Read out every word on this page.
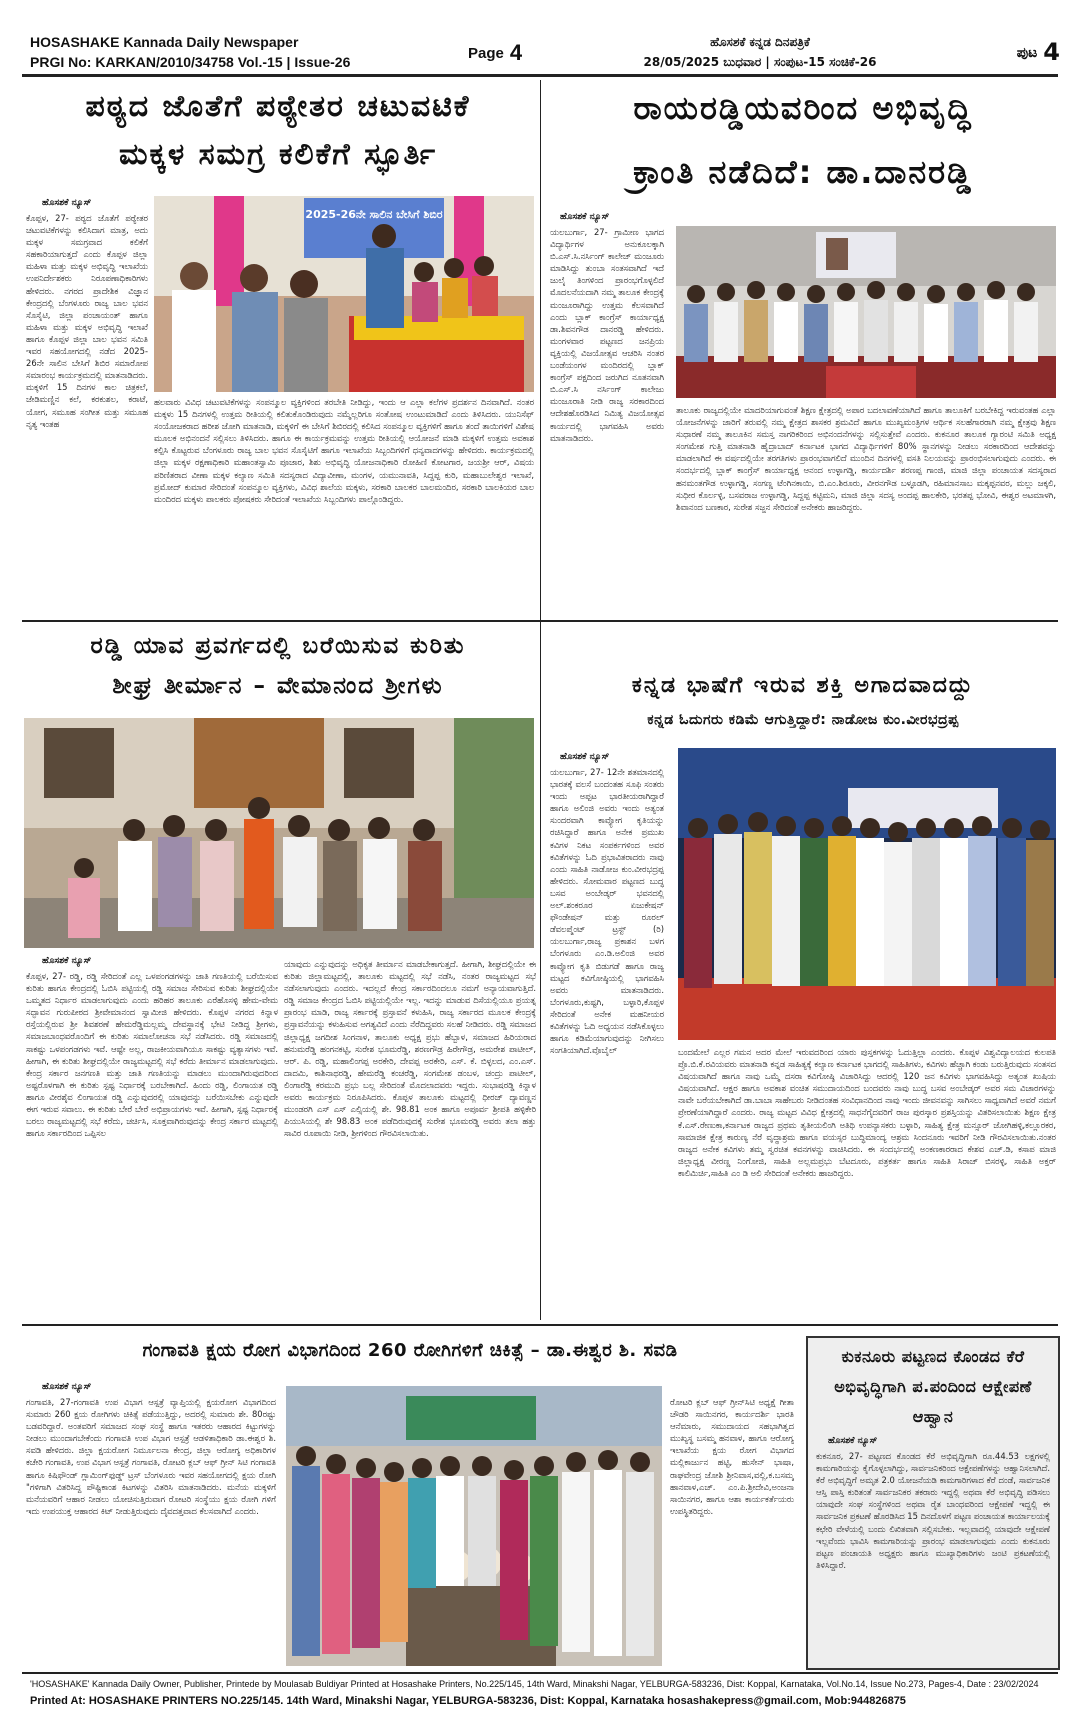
HOSASHAKE Kannada Daily Newspaper
PRGI No: KARKAN/2010/34758 Vol.-15 | Issue-26	Page 4	ಹೊಸಶಕೆ ಕನ್ನಡ ದಿನಪತ್ರಿಕೆ
28/05/2025 ಬುಧವಾರ | ಸಂಪುಟ-15 ಸಂಚಿಕೆ-26
ಪುಟ 4
ಪಠ್ಯದ ಜೊತೆಗೆ ಪಠ್ಯೇತರ ಚಟುವಟಿಕೆ
ಮಕ್ಕಳ ಸಮಗ್ರ ಕಲಿಕೆಗೆ ಸ್ಫೂರ್ತಿ
ಹೊಸಶಕೆ ನ್ಯೂಸ್
ಕೊಪ್ಪಳ, 27- ಪಠ್ಯದ ಜೊತೆಗೆ ಪಠ್ಯೇತರ ಚಟುವಟಿಕೆಗಳನ್ನು ಕಲಿಸಿದಾಗ ಮಾತ್ರ, ಅದು ಮಕ್ಕಳ ಸಮಗ್ರವಾದ ಕಲಿಕೆಗೆ ಸಹಕಾರಿಯಾಗುತ್ತದೆ ಎಂದು ಕೊಪ್ಪಳ ಜಿಲ್ಲಾ ಮಹಿಳಾ ಮತ್ತು ಮಕ್ಕಳ ಅಭಿವೃದ್ಧಿ ಇಲಾಖೆಯ ಉಪನಿರ್ದೇಶಕರು ನಿರೂಪಣಾಧಿಕಾರಿಗಳು ಹೇಳಿದರು. ನಗರದ ಪ್ರಾದೇಶಿಕ ವಿಜ್ಞಾನ ಕೇಂದ್ರದಲ್ಲಿ ಬೆಂಗಳೂರು ರಾಜ್ಯ ಬಾಲ ಭವನ ಸೊಸೈಟಿ, ಜಿಲ್ಲಾ ಪಂಚಾಯಂತ್ ಹಾಗೂ ಮಹಿಳಾ ಮತ್ತು ಮಕ್ಕಳ ಅಭಿವೃದ್ಧಿ ಇಲಾಖೆ ಹಾಗೂ ಕೊಪ್ಪಳ ಜಿಲ್ಲಾ ಬಾಲ ಭವನ ಸಮಿತಿ ಇವರ ಸಹಯೋಗದಲ್ಲಿ ನಡೆದ 2025-26ನೇ ಸಾಲಿನ ಬೇಸಿಗೆ ಶಿಬಿರ ಸಮಾರೋಪ ಸಮಾರಂಭ ಕಾರ್ಯಕ್ರಮದಲ್ಲಿ ಮಾತನಾಡಿದರು. ಮಕ್ಕಳಿಗೆ 15 ದಿನಗಳ ಕಾಲ ಚಿತ್ರಕಲೆ, ಜೇಡಿಮಣ್ಣಿನ ಕಲೆ, ಕರಕುಶಲ, ಕರಾಟೆ, ಯೋಗ, ಸಮೂಹ ಸಂಗೀತ ಮತ್ತು ಸಮೂಹ ನೃತ್ಯ ಇಂತಹ
2025-26ನೇ ಸಾಲಿನ ಬೇಸಿಗೆ ಶಿಬಿರ
ಹಲವಾರು ವಿವಿಧ ಚಟುವಟಿಕೆಗಳನ್ನು ಸಂಪನ್ಮೂಲ ವ್ಯಕ್ತಿಗಳಿಂದ ತರಬೇತಿ ನೀಡಿದ್ದು, ಇಂದು ಆ ಎಲ್ಲಾ ಕಲೆಗಳ ಪ್ರದರ್ಶನ ದಿನವಾಗಿದೆ. ನಂತರ ಮಕ್ಕಳು 15 ದಿನಗಳಲ್ಲಿ ಉತ್ತಮ ರೀತಿಯಲ್ಲಿ ಕಲಿತುಕೊಂಡಿರುವುದು ನಮ್ಮೆಲ್ಲರಿಗೂ ಸಂತೋಷ ಉಂಟುಮಾಡಿದೆ ಎಂದು ತಿಳಿಸಿದರು. ಯುನಿಸೆಫ್ ಸಂಯೋಜಕರಾದ ಹರೀಶ ಜೋಗಿ ಮಾತನಾಡಿ, ಮಕ್ಕಳಿಗೆ ಈ ಬೇಸಿಗೆ ಶಿಬಿರದಲ್ಲಿ ಕಲಿಸಿದ ಸಂಪನ್ಮೂಲ ವ್ಯಕ್ತಿಗಳಿಗೆ ಹಾಗೂ ತಂದೆ ತಾಯಿಗಳಿಗೆ ವಿಶೇಷ ಮೂಲಕ ಅಭಿನಂದನೆ ಸಲ್ಲಿಸಲು ತಿಳಿಸಿದರು. ಹಾಗೂ ಈ ಕಾರ್ಯಕ್ರಮವನ್ನು ಉತ್ತಮ ರೀತಿಯಲ್ಲಿ ಆಯೋಜನೆ ಮಾಡಿ ಮಕ್ಕಳಿಗೆ ಉತ್ತಮ ಅವಕಾಶ ಕಲ್ಪಿಸಿ ಕೊಟ್ಟರುವ ಬೆಂಗಳೂರು ರಾಜ್ಯ ಬಾಲ ಭವನ ಸೊಸೈಟಿಗೆ ಹಾಗೂ ಇಲಾಖೆಯ ಸಿಬ್ಬಂದಿಗಳಿಗೆ ಧನ್ಯವಾದಗಳನ್ನು ಹೇಳಿದರು. ಕಾರ್ಯಕ್ರಮದಲ್ಲಿ ಜಿಲ್ಲಾ ಮಕ್ಕಳ ರಕ್ಷಣಾಧಿಕಾರಿ ಮಹಾಂತಸ್ವಾಮಿ ಪೂಜಾರ, ಶಿಶು ಅಭಿವೃದ್ಧಿ ಯೋಜನಾಧಿಕಾರಿ ರೋಹಿಣಿ ಕೋಟಗಾರ, ಜಯಶ್ರೀ ಆರ್, ವಿಷಯ ಪರಿಣಿತರಾದ ವೀಣಾ ಮಕ್ಕಳ ಕಲ್ಯಾಣ ಸಮಿತಿ ಸದಸ್ಯರಾದ ವಿದ್ಯಾವೀಣಾ, ಮಂಗಳ, ಯಮುನಾವತಿ, ಸಿದ್ದಪ್ಪ ಕುರಿ, ಮಹಾಬುಲೇಶ್ವರ ಇಲಾಖೆ, ಪ್ರಮೋದ್ ಕುಮಾರ ಸೇರಿದಂತೆ ಸಂಪನ್ಮೂಲ ವ್ಯಕ್ತಿಗಳು, ವಿವಿಧ ಶಾಲೆಯ ಮಕ್ಕಳು, ಸರಕಾರಿ ಬಾಲಕರ ಬಾಲಮಂದಿರ, ಸರಕಾರಿ ಬಾಲಕಿಯರ ಬಾಲ ಮಂದಿರದ ಮಕ್ಕಳು ಪಾಲಕರು ಪೋಷಕರು ಸೇರಿದಂತೆ ಇಲಾಖೆಯ ಸಿಬ್ಬಂದಿಗಳು ಪಾಲ್ಗೊಂಡಿದ್ದರು.
ರಾಯರಡ್ಡಿಯವರಿಂದ ಅಭಿವೃದ್ಧಿ
ಕ್ರಾಂತಿ ನಡೆದಿದೆ: ಡಾ.ದಾನರಡ್ಡಿ
ಹೊಸಶಕೆ ನ್ಯೂಸ್
ಯಲಬುರ್ಗಾ, 27- ಗ್ರಾಮೀಣ ಭಾಗದ ವಿದ್ಯಾರ್ಥಿಗಳ ಅನುಕೂಲಕ್ಕಾಗಿ ಬಿ.ಎಸ್.ಸಿ.ನರ್ಸಿಂಗ್ ಕಾಲೇಜ್ ಮಂಜೂರು ಮಾಡಿಸಿದ್ದು ತುಂಬಾ ಸಂತಸವಾಗಿದೆ ಇದೆ ಜುಲೈ ತಿಂಗಳಿಂದ ಪ್ರಾರಂಭಗೊಳ್ಳಲಿದೆ ಮೊದಲನೆಯದಾಗಿ ನಮ್ಮ ತಾಲೂಕ ಕೇಂದ್ರಕ್ಕೆ ಮಂಜೂರಾಗಿದ್ದು ಉತ್ತಮ ಕೆಲಸವಾಗಿದೆ ಎಂದು ಬ್ಲಾಕ್ ಕಾಂಗ್ರೆಸ್ ಕಾರ್ಯಾಧ್ಯಕ್ಷ ಡಾ.ಶಿವನಗೌಡ ದಾನರಡ್ಡಿ ಹೇಳಿದರು. ಮಂಗಳವಾರ ಪಟ್ಟಣದ ಜನಪ್ರಿಯ ವ್ಯಕ್ತಿಯಲ್ಲಿ ವಿಜಯೋತ್ಸವ ಆಚರಿಸಿ ನಂತರ ಬಂಡೆಯಂಗಳ ಮಂದಿರದಲ್ಲಿ ಬ್ಲಾಕ್ ಕಾಂಗ್ರೆಸ್ ಪಕ್ಷದಿಂದ ಜರುಗಿದ ನೂತನವಾಗಿ ಬಿ.ಎಸ್.ಸಿ ನರ್ಸಿಂಗ್ ಕಾಲೇಜು ಮಂಜೂರಾತಿ ನೀಡಿ ರಾಜ್ಯ ಸರಕಾರದಿಂದ ಆದೇಶಹೊರಡಿಸಿದ ನಿಮಿತ್ಯ ವಿಜಯೋತ್ಸವ ಕಾರ್ಯದಲ್ಲಿ ಭಾಗವಹಿಸಿ ಅವರು ಮಾತನಾಡಿದರು.
ತಾಲೂಕು ರಾಜ್ಯದಲ್ಲಿಯೇ ಮಾದರಿಯಾಗುವಂತೆ ಶಿಕ್ಷಣ ಕ್ಷೇತ್ರದಲ್ಲಿ ಅಪಾರ ಬದಲಾವಣೆಯಾಗಿದೆ ಹಾಗೂ ತಾಲೂಕಿಗೆ ಬರಬೇಕಿದ್ದ ಇರುವಂತಹ ಎಲ್ಲಾ ಯೋಜನೆಗಳನ್ನು ಜಾರಿಗೆ ತರುವಲ್ಲಿ ನಮ್ಮ ಕ್ಷೇತ್ರದ ಶಾಸಕರ ಶ್ರಮವಿದೆ ಹಾಗೂ ಮುಖ್ಯಮಂತ್ರಿಗಳ ಆರ್ಥಿಕ ಸಲಹೆಗಾರರಾಗಿ ನಮ್ಮ ಕ್ಷೇತ್ರವು ಶಿಕ್ಷಣ ಸುಧಾರಣೆ ನಮ್ಮ ತಾಲೂಕಿನ ಸಮಸ್ತ ನಾಗರಿಕರಿಂದ ಅಭಿನಂದನೆಗಳನ್ನು ಸಲ್ಲಿಸುತ್ತೇವೆ ಎಂದರು. ಕುಕನೂರ ತಾಲೂಕ ಗ್ಯಾರಂಟಿ ಸಮಿತಿ ಅಧ್ಯಕ್ಷ ಸಂಗಮೇಶ ಗುತ್ತಿ ಮಾತನಾಡಿ ಹೈದ್ರಾಬಾದ್ ಕರ್ನಾಟಕ ಭಾಗದ ವಿದ್ಯಾರ್ಥಿಗಳಿಗೆ 80% ಸ್ಥಾನಗಳನ್ನು ನೀಡಲು ಸರಕಾರದಿಂದ ಆದೇಶವನ್ನು ಮಾಡಲಾಗಿದೆ ಈ ವರ್ಷದಲ್ಲಿಯೇ ತರಗತಿಗಳು ಪ್ರಾರಂಭವಾಗಲಿದೆ ಮುಂದಿನ ದಿನಗಳಲ್ಲಿ ವಸತಿ ನಿಲಯವನ್ನು ಪ್ರಾರಂಭಿಸಲಾಗುವುದು ಎಂದರು. ಈ ಸಂದರ್ಭದಲ್ಲಿ ಬ್ಲಾಕ್ ಕಾಂಗ್ರೆಸ್ ಕಾರ್ಯಾಧ್ಯಕ್ಷ ಆನಂದ ಉಳ್ಳಾಗಡ್ಡಿ, ಕಾರ್ಯದರ್ಶಿ ಶರಣಪ್ಪ ಗಾಂಜಿ, ಮಾಜಿ ಜಿಲ್ಲಾ ಪಂಚಾಯತ ಸದಸ್ಯರಾದ ಹನಮಂತಗೌಡ ಉಳ್ಳಾಗಡ್ಡಿ, ಸಂಗಣ್ಣ ಟೆಂಗಿನಕಾಯಿ, ಬಿ.ಎಂ.ಶಿರೂರು, ವೀರನಗೌಡ ಬಳ್ಳೂಡಗಿ, ರಹಿಮಾನಸಾಬ ಮಕ್ಕಪ್ಪನವರ, ಮಲ್ಲು ಜಕ್ಕಲಿ, ಸುಧೀರ ಕೊರ್ಲಳ್ಳಿ, ಬಸವರಾಜ ಉಳ್ಳಾಗಡ್ಡಿ, ಸಿದ್ದಪ್ಪ ಕಟ್ಟಿಮನಿ, ಮಾಜಿ ಜಿಲ್ಲಾ ಸದಸ್ಯ ಅಂದಪ್ಪ ಹಾಲಕೇರಿ, ಭರತಪ್ಪ ಭೋವಿ, ಈಶ್ವರ ಅಟಮಾಳಗಿ, ಶಿವಾನಂದ ಬಣಕಾರ, ಸುರೇಶ ಸಜ್ಜನ ಸೇರಿದಂತೆ ಅನೇಕರು ಹಾಜರಿದ್ದರು.
ರಡ್ಡಿ ಯಾವ ಪ್ರವರ್ಗದಲ್ಲಿ ಬರೆಯಿಸುವ ಕುರಿತು
ಶೀಘ್ರ ತೀರ್ಮಾನ – ವೇಮಾನಂದ ಶ್ರೀಗಳು
ಹೊಸಶಕೆ ನ್ಯೂಸ್
ಕೊಪ್ಪಳ, 27- ರಡ್ಡಿ, ರಡ್ಡಿ ಸೇರಿದಂತೆ ಎಲ್ಲ ಒಳಪಂಗಡಗಳನ್ನು ಜಾತಿ ಗಣತಿಯಲ್ಲಿ ಬರೆಯಿಸುವ ಕುರಿತು ಹಾಗೂ ಕೇಂದ್ರದಲ್ಲಿ ಓಬಿಸಿ ಪಟ್ಟಿಯಲ್ಲಿ ರಡ್ಡಿ ಸಮಾಜ ಸೇರಿಸುವ ಕುರಿತು ಶೀಘ್ರದಲ್ಲಿಯೇ ಒಮ್ಮತದ ನಿರ್ಧಾರ ಮಾಡಲಾಗುವುದು ಎಂದು ಹರಿಹರ ತಾಲೂಕು ಎರೆಹೊಸಳ್ಳಿ ಹೇಮ-ವೇಮ ಸದ್ಭಾವನ ಗುರುಪೀಠದ ಶ್ರೀವೇಮಾನಂದ ಸ್ವಾಮೀಜಿ ಹೇಳಿದರು. ಕೊಪ್ಪಳ ನಗರದ ಕಿನ್ನಾಳ ರಸ್ತೆಯಲ್ಲಿರುವ ಶ್ರೀ ಶಿವಶರಣೆ ಹೇಮರೆಡ್ಡಿಮಲ್ಲಮ್ಮ ದೇವಸ್ಥಾನಕ್ಕೆ ಭೇಟಿ ನೀಡಿದ್ದ ಶ್ರೀಗಳು, ಸಮಾಜಬಾಂಧವರೊಂದಿಗೆ ಈ ಕುರಿತು ಸಮಾಲೋಚನಾ ಸಭೆ ನಡೆಸಿದರು. ರಡ್ಡಿ ಸಮಾಜದಲ್ಲಿ ಸಾಕಷ್ಟು ಒಳಪಂಗಡಗಳು ಇವೆ. ಆಷ್ಟೇ ಅಲ್ಲ, ರಾಜಕೀಯವಾಗಿಯೂ ಸಾಕಷ್ಟು ವ್ಯತ್ಯಾಸಗಳು ಇವೆ. ಹೀಗಾಗಿ, ಈ ಕುರಿತು ಶೀಘ್ರದಲ್ಲಿಯೇ ರಾಜ್ಯಮಟ್ಟದಲ್ಲಿ ಸಭೆ ಕರೆದು ತೀರ್ಮಾನ ಮಾಡಲಾಗುವುದು. ಕೇಂದ್ರ ಸರ್ಕಾರ ಜನಗಣತಿ ಮತ್ತು ಜಾತಿ ಗಣತಿಯನ್ನು ಮಾಡಲು ಮುಂದಾಗಿರುವುದರಿಂದ ಅಷ್ಟರೊಳಗಾಗಿ ಈ ಕುರಿತು ಸ್ಪಷ್ಟ ನಿರ್ಧಾರಕ್ಕೆ ಬರಬೇಕಾಗಿದೆ. ಹಿಂದು ರಡ್ಡಿ, ಲಿಂಗಾಯತ ರಡ್ಡಿ ಹಾಗೂ ವೀರಶೈವ ಲಿಂಗಾಯತ ರಡ್ಡಿ ಎನ್ನುವುದರಲ್ಲಿ ಯಾವುದನ್ನು ಬರೆಯಿಸಬೇಕು ಎನ್ನುವುದೇ ಈಗ ಇರುವ ಸವಾಲು. ಈ ಕುರಿತು ಬೇರೆ ಬೇರೆ ಅಭಿಪ್ರಾಯಗಳು ಇವೆ. ಹೀಗಾಗಿ, ಸ್ಪಷ್ಟ ನಿರ್ಧಾರಕ್ಕೆ ಬರಲು ರಾಜ್ಯಮಟ್ಟದಲ್ಲಿ ಸಭೆ ಕರೆದು, ಚರ್ಚಿಸಿ, ಸೂಕ್ತವಾಗಿರುವುದನ್ನು ಕೇಂದ್ರ ಸರ್ಕಾರ ಮಟ್ಟದಲ್ಲಿ ಹಾಗೂ ಸರ್ಕಾರದಿಂದ ಒಪ್ಪಿಸಲ
ಯಾವುದು ಎನ್ನುವುದನ್ನು ಅಧಿಕೃತ ತೀರ್ಮಾನ ಮಾಡಬೇಕಾಗುತ್ತದೆ. ಹೀಗಾಗಿ, ಶೀಘ್ರದಲ್ಲಿಯೇ ಈ ಕುರಿತು ಜಿಲ್ಲಾಮಟ್ಟದಲ್ಲಿ, ತಾಲೂಕು ಮಟ್ಟದಲ್ಲಿ ಸಭೆ ನಡೆಸಿ, ನಂತರ ರಾಜ್ಯಮಟ್ಟದ ಸಭೆ ನಡೆಸಲಾಗುವುದು ಎಂದರು. ಇದಲ್ಲದೆ ಕೇಂದ್ರ ಸರ್ಕಾರದಿಂದಲೂ ನಮಗೆ ಅನ್ಯಾಯವಾಗುತ್ತಿದೆ. ರಡ್ಡಿ ಸಮಾಜ ಕೇಂದ್ರದ ಓಬಿಸಿ ಪಟ್ಟಿಯಲ್ಲಿಯೇ ಇಲ್ಲ. ಇದನ್ನು ಮಾಡುವ ದಿಸೆಯಲ್ಲಿಯೂ ಪ್ರಯತ್ನ ಪ್ರಾರಂಭ ಮಾಡಿ, ರಾಜ್ಯ ಸರ್ಕಾರಕ್ಕೆ ಪ್ರಸ್ತಾವನೆ ಕಳುಹಿಸಿ, ರಾಜ್ಯ ಸರ್ಕಾರದ ಮೂಲಕ ಕೇಂದ್ರಕ್ಕೆ ಪ್ರಸ್ತಾವನೆಯನ್ನು ಕಳುಹಿಸುವ ಅಗತ್ಯವಿದೆ ಎಂದು ನೆರೆದಿದ್ದವರು ಸಲಹೆ ನೀಡಿದರು. ರಡ್ಡಿ ಸಮಾಜದ ಜಿಲ್ಲಾಧ್ಯಕ್ಷ ಜಗದೀಶ ಸಿಂಗನಾಳ, ತಾಲೂಕು ಅಧ್ಯಕ್ಷ ಪ್ರಭು ಹೆಬ್ಬಾಳ, ಸಮಾಜದ ಹಿರಿಯರಾದ ಹನುಮರೆಡ್ಡಿ ಹಂಗನಕಟ್ಟಿ, ಸುರೇಶ ಭೂಮರೆಡ್ಡಿ, ಶರಣಗೌಡ್ರ ಹಿರೇಗೌಡ್ರ, ಅಮರೇಶ ಪಾಟೀಲ್, ಆರ್. ಪಿ. ರಡ್ಡಿ, ಮಹಾಲಿಂಗಪ್ಪ ಅರಕೇರಿ, ದೇವಪ್ಪ ಅರಕೇರಿ, ಎಸ್. ಕೆ. ಬಿಳ್ಳಲದ, ಎಂ.ಎಸ್. ದಾದಮಿ, ಕಾಶಿನಾಥರಡ್ಡಿ, ಹೇಮರೆಡ್ಡಿ ಕಂಚರೆಡ್ಡಿ, ಸಂಗಮೇಶ ಡಂಬಳ, ಚಂದ್ರು ಪಾಟೀಲ್, ಲಿಂಗಾರೆಡ್ಡಿ ಕರಮುದಿ ಪ್ರಭು ಬಲ್ಲ ಸೇರಿದಂತೆ ಮೊದಲಾದವರು ಇದ್ದರು. ಸುಭಾಷರಡ್ಡಿ ಕಿನ್ನಾಳ ಅವರು ಕಾರ್ಯಕ್ರಮ ನಿರೂಪಿಸಿದರು. ಕೊಪ್ಪಳ ತಾಲೂಕು ಮಟ್ಟದಲ್ಲಿ ಧೀರಜ್ ದ್ಯಾವಣ್ಣನ ಮುಂಡರಗಿ ಎಸ್ ಎಸ್ ಎಲ್ಸಿಯಲ್ಲಿ ಶೇ. 98.81 ಅಂಕ ಹಾಗೂ ಅಪೂರ್ವ ಶ್ರೀಪತಿ ಹಳ್ಳಿಕೇರಿ ಪಿಯುಸಿಯಲ್ಲಿ ಶೇ 98.83 ಅಂಕ ಪಡೆದಿರುವುದಕ್ಕೆ ಸುರೇಶ ಭೂಮರಡ್ಡಿ ಅವರು ತಲಾ ಹತ್ತು ಸಾವಿರ ರೂಪಾಯಿ ನೀಡಿ, ಶ್ರೀಗಳಿಂದ ಗೌರವಿಸಲಾಯಿತು.
ಕನ್ನಡ ಭಾಷೆಗೆ ಇರುವ ಶಕ್ತಿ ಅಗಾದವಾದದ್ದು
ಕನ್ನಡ ಓದುಗರು ಕಡಿಮೆ ಆಗುತ್ತಿದ್ದಾರೆ: ನಾಡೋಜ ಕುಂ.ವೀರಭದ್ರಪ್ಪ
ಹೊಸಶಕೆ ನ್ಯೂಸ್
ಯಲಬುರ್ಗಾ, 27- 12ನೇ ಶತಮಾನದಲ್ಲಿ ಭಾರತಕ್ಕೆ ವಲಸೆ ಬಂದಂತಹ ಸೂಫಿ ಸಂತರು ಇಂದು ಅಪ್ಪಟ ಭಾರತೀಯರಾಗಿದ್ದಾರೆ ಹಾಗೂ ಅಲಿಂಜಿ ಅವರು ಇಂದು ಅತ್ಯಂತ ಸುಂದರವಾಗಿ ಕಾವ್ಯೋಗ ಕೃತಿಯನ್ನು ರಚಿಸಿದ್ದಾರೆ ಹಾಗೂ ಅನೇಕ ಪ್ರಮುಖ ಕವಿಗಳ ನಿಕಟ ಸಂಪರ್ಕಗಳಿಂದ ಅವರ ಕವಿತೆಗಳನ್ನು ಓದಿ ಪ್ರಭಾವಿತರಾದರು ನಾವು ಎಂದು ಸಾಹಿತಿ ನಾಡೋಜ ಕುಂ.ವೀರಭದ್ರಪ್ಪ ಹೇಳಿದರು. ಸೋಮವಾರ ಪಟ್ಟಣದ ಬುದ್ಧ ಬಸವ ಅಂಬೇಡ್ಕರ್ ಭವನದಲ್ಲಿ ಅಲ್.ಶಂಕರೂರ ಏಜುಕೇಷನ್ ಫೌಂಡೇಷನ್ ಮತ್ತು ರೂರಲ್ ಡೆವಲಪ್ಮೆಂಟ್ ಟ್ರಸ್ಟ್ (ರಿ) ಯಲಬುರ್ಗಾ,ರಾಜ್ಯ ಪ್ರಕಾಶನ ಬಳಗ ಬೆಂಗಳೂರು ಎಂ.ಡಿ.ಅಲಿಂಜಿ ಅವರ ಕಾವ್ಯೋಗ ಕೃತಿ ಬಿಡುಗಡೆ ಹಾಗೂ ರಾಜ್ಯ ಮಟ್ಟದ ಕವಿಗೋಷ್ಠಿಯಲ್ಲಿ ಭಾಗವಹಿಸಿ ಅವರು ಮಾತನಾಡಿದರು. ಬೆಂಗಳೂರು,ಕುಷ್ಟಗಿ, ಬಳ್ಳಾರಿ,ಕೊಪ್ಪಳ ಸೇರಿದಂತೆ ಅನೇಕ ಮಹನೀಯರ ಕವಿತೆಗಳನ್ನು ಓದಿ ಅಧ್ಯಯನ ನಡೆಸಿಕೊಳ್ಳಲು ಹಾಗೂ ಕಡಿಮೆಯಾಗುವುದನ್ನು ನೀಗಿಸಲು ಸಂಗತಿಯಾಗಿದೆ.ವೊಬೈಲ್	ಬಂದಮೇಲೆ ಎಲ್ಲರ ಗಮನ ಅದರ ಮೇಲೆ ಇರುವದರಿಂದ ಯಾರು ಪುಸ್ತಕಗಳನ್ನು ಓದುತ್ತಿಲ್ಲಾ ಎಂದರು. ಕೊಪ್ಪಳ ವಿಶ್ವವಿದ್ಯಾಲಯದ ಕುಲಪತಿ ಪ್ರೊ.ಬಿ.ಕೆ.ರವಿಯವರು ಮಾತನಾಡಿ ಕನ್ನಡ ಸಾಹಿತ್ಯಕ್ಕೆ ಕಲ್ಯಾಣ ಕರ್ನಾಟಕ ಭಾಗದಲ್ಲಿ ಸಾಹಿತಿಗಳು, ಕವಿಗಳು ಹೆಚ್ಚಾಗಿ ಕಂಡು ಬರುತ್ತಿರುವುದು ಸಂತಸದ ವಿಷಯವಾಗಿದೆ ಹಾಗೂ ನಾವು ಒಮ್ಮೆ ದಸರಾ ಕವಿಗೋಷ್ಠಿ ವಿಚಾರಿಸಿದ್ದು ಆದರಲ್ಲಿ 120 ಜನ ಕವಿಗಳು ಭಾಗವಹಿಸಿದ್ದು ಅತ್ಯಂತ ಖುಷಿಯ ವಿಷಯವಾಗಿದೆ. ಆಕ್ಷರ ಹಾಗೂ ಅವಕಾಶ ವಂಚಿತ ಸಮುದಾಯದಿಂದ ಬಂದವರು ನಾವು ಬುದ್ಧ ಬಸವ ಅಂಬೇಡ್ಕರ್ ಅವರ ಸಮ ವಿಚಾರಗಳನ್ನು ನಾವೇ ಬರೆಯಬೇಕಾಗಿದೆ ಡಾ.ಬಾಬಾ ಸಾಹೇಬರು ನೀಡಿದಂತಹ ಸಂವಿಧಾನದಿಂದ ನಾವು ಇಂದು ಜೀವನವನ್ನು ಸಾಗಿಸಲು ಸಾಧ್ಯವಾಗಿದೆ ಅವರೆ ನಮಗೆ ಪ್ರೇರಣೆಯಾಗಿದ್ದಾರೆ ಎಂದರು. ರಾಜ್ಯ ಮಟ್ಟದ ವಿವಿಧ ಕ್ಷೇತ್ರದಲ್ಲಿ ಸಾಧನೆಗೈದವರಿಗೆ ರಾಜ ಪುರಸ್ಕಾರ ಪ್ರಶಸ್ತಿಯನ್ನು ವಿತರಿಸಲಾಯಿತು ಶಿಕ್ಷಣ ಕ್ಷೇತ್ರ ಕೆ.ಎಸ್.ರೇಣುಕಾ,ಕರ್ನಾಟಕ ರಾಜ್ಯದ ಪ್ರಥಮ ತೃತೀಯಲಿಂಗಿ ಅತಿಥಿ ಉಪನ್ಯಾಸಕರು ಬಳ್ಳಾರಿ, ಸಾಹಿತ್ಯ ಕ್ಷೇತ್ರ ಮನ್ಸೂರ್ ಜೋಗಿಹಳ್ಳಿ,ಕಲ್ಲೂರಕರ, ಸಾಮಾಜಿಕ ಕ್ಷೇತ್ರ ಕಾರುಣ್ಯ ನೆರೆ ವೃದ್ಧಾಶ್ರಮ ಹಾಗೂ ವಯಸ್ಸರ ಬುದ್ಧಿಮಾಂದ್ಯ ಆಶ್ರಮ ಸಿಂದನೂರು ಇವರಿಗೆ ನೀಡಿ ಗೌರವಿಸಲಾಯಿತು.ನಂತರ ರಾಜ್ಯದ ಅನೇಕ ಕವಿಗಳು ತಮ್ಮ ಸ್ವರಚಿತ ಕವನಗಳನ್ನು ವಾಚಿಸಿದರು. ಈ ಸಂದರ್ಭದಲ್ಲಿ ಅಂಕಣಕಾರರಾದ ಕೇಶವ ಎಚ್.ಡಿ, ಕಸಾಪ ಮಾಜಿ ಜಿಲ್ಲಾಧ್ಯಕ್ಷ ವೀರಣ್ಣ ನಿಂಗೋಜಿ, ಸಾಹಿತಿ ಅಲ್ಲಮಪ್ರಭು ಬೆಟದೂರು, ಪತ್ರಕರ್ತ ಹಾಗೂ ಸಾಹಿತಿ ಸಿರಾಜ್ ಬಿಸರಳ್ಳಿ, ಸಾಹಿತಿ ಅಕ್ತರ್ ಕಾಲಿಮಿರ್ಚಿ,ಸಾಹಿತಿ ಎಂ ಡಿ ಅಲಿ ಸೇರಿದಂತೆ ಅನೇಕರು ಹಾಜರಿದ್ದರು.
ಗಂಗಾವತಿ ಕ್ಷಯ ರೋಗ ವಿಭಾಗದಿಂದ 260 ರೋಗಿಗಳಿಗೆ ಚಿಕಿತ್ಸೆ – ಡಾ.ಈಶ್ವರ ಶಿ. ಸವಡಿ
ಹೊಸಶಕೆ ನ್ಯೂಸ್
ಗಂಗಾವತಿ, 27-ಗಂಗಾವತಿ ಉಪ ವಿಭಾಗ ಆಸ್ಪತ್ರೆ ವ್ಯಾಪ್ತಿಯಲ್ಲಿ ಕ್ಷಯರೋಗ ವಿಭಾಗದಿಂದ ಸುಮಾರು 260 ಕ್ಷಯ ರೋಗಿಗಳು ಚಿಕಿತ್ಸೆ ಪಡೆಯುತ್ತಿದ್ದು, ಅದರಲ್ಲಿ ಸುಮಾರು ಶೇ. 80ರಷ್ಟು ಬಡವರಿದ್ದಾರೆ. ಅಂತವರಿಗೆ ಸಮಾಜದ ಸಂಘ ಸಂಸ್ಥೆ ಹಾಗೂ ಇತರರು ಆಹಾರದ ಕಿಟ್ಟುಗಳನ್ನು ನೀಡಲು ಮುಂದಾಗಬೇಕೆಂದು ಗಂಗಾವತಿ ಉಪ ವಿಭಾಗ ಆಸ್ಪತ್ರೆ ಆಡಳಿತಾಧಿಕಾರಿ ಡಾ.ಈಶ್ವರ ಶಿ. ಸವಡಿ ಹೇಳಿದರು. ಜಿಲ್ಲಾ ಕ್ಷಯರೋಗ ನಿರ್ಮೂಲನಾ ಕೇಂದ್ರ, ಜಿಲ್ಲಾ ಆರೋಗ್ಯ ಅಧಿಕಾರಿಗಳ ಕಚೇರಿ ಗಂಗಾವತಿ, ಉಪ ವಿಭಾಗ ಆಸ್ಪತ್ರೆ ಗಂಗಾವತಿ, ರೋಟರಿ ಕ್ಲಬ್ ಆಫ್ ಗ್ರೀನ್ ಸಿಟಿ ಗಂಗಾವತಿ ಹಾಗೂ ಕಿಷಿಫೌಂಡ್ ಗ್ಲಾಮಿಂಗ್‌ಫುಡ್ಡ್ ಟ್ರಸ್ ಬೆಂಗಳೂರು ಇವರ ಸಹಯೋಗದಲ್ಲಿ ಕ್ಷಯ ರೋಗಿ "ಗಳಿಗಾಗಿ ವಿತರಿಸಿದ್ದ ಪೌಷ್ಟಿಕಾಂಶ ಕಿಟಗಳನ್ನು ವಿತರಿಸಿ ಮಾತನಾಡಿದರು. ಮನೆಯ ಮಕ್ಕಳಿಗೆ ಮನೆಯವರಿಗೆ ಆಹಾರ ನೀಡಲು ಯೋಚಿಸುತ್ತಿರುವಾಗ ರೋಟರಿ ಸಂಸ್ಥೆಯು ಕ್ಷಯ ರೋಗಿ ಗಳಿಗೆ ಇದು ಉಪಯುಕ್ತ ಆಹಾರದ ಕಿಟ್ ನೀಡುತ್ತಿರುವುದು ದೈವದತ್ತವಾದ ಕೆಲಸವಾಗಿದೆ ಎಂದರು.
ರೋಟರಿ ಕ್ಲಬ್ ಆಫ್ ಗ್ರೀನ್‌ಸಿಟಿ ಅಧ್ಯಕ್ಷೆ ಗೀತಾ ಚೌಡರಿ ಸಾಯಿನಗರ, ಕಾರ್ಯದರ್ಶಿ ಭಾರತಿ ಆನೆಮಾರು, ಸಮುದಾಯದ ಸಹಭಾಗಿತ್ವದ ಮುಖ್ಯಸ್ಥ ಬಸಮ್ಮ ಹನವಾಳ, ಹಾಗೂ ಆರೋಗ್ಯ ಇಲಾಖೆಯ ಕ್ಷಯ ರೋಗ ವಿಭಾಗದ ಮಲ್ಲಿಕಾರ್ಜುನ ಹಟ್ಟಿ, ಹುಸೇನ್ ಭಾಷಾ, ರಾಘವೇಂದ್ರ ಜೋಶಿ ಶ್ರೀನಿವಾಸ,ವಲ್ಲಿ,ಕ.ಬಸಮ್ಮ ಹಾನವಾಳ,ಎಚ್. ಎಂ.ಪಿ.ಶ್ರೀದೇವಿ,ಅಂಜನಾ ಸಾಯಿನಗರ, ಹಾಗೂ ಆಶಾ ಕಾರ್ಯಕರ್ತೆಯರು ಉಪಸ್ಥಿತರಿದ್ದರು.
ಕುಕನೂರು ಪಟ್ಟಣದ ಕೊಂಡದ ಕೆರೆ ಅಭಿವೃದ್ಧಿಗಾಗಿ ಪ.ಪಂದಿಂದ ಆಕ್ಷೇಪಣೆ ಆಹ್ವಾನ
ಹೊಸಶಕೆ ನ್ಯೂಸ್
ಕುಕನೂರ, 27- ಪಟ್ಟಣದ ಕೊಂಡದ ಕೆರೆ ಅಭಿವೃದ್ಧಿಗಾಗಿ ರೂ.44.53 ಲಕ್ಷಗಳಲ್ಲಿ ಕಾಮಗಾರಿಯನ್ನು ಕೈಗೊಳ್ಳಲಾಗಿದ್ದು, ಸಾರ್ವಜನಿಕರಿಂದ ಆಕ್ಷೇಪಣೆಗಳನ್ನು ಆಹ್ವಾನಿಸಲಾಗಿದೆ. ಕೆರೆ ಅಭಿವೃದ್ಧಿಗೆ ಅಮೃತ 2.0 ಯೋಜನೆಯಡಿ ಕಾಮಗಾರಿಗಳಾದ ಕೆರೆ ದಂಡೆ, ಸಾರ್ವಜನಿಕ ಆಸ್ತಿ ಪಾಸ್ತಿ ಕುರಿತಂತೆ ಸಾರ್ವಜನಿಕರ ತಕರಾರು ಇದ್ದಲ್ಲಿ ಅಥವಾ ಕೆರೆ ಅಭಿವೃದ್ಧಿ ಪಡಿಸಲು ಯಾವುದೇ ಸಂಘ ಸಂಸ್ಥೆಗಳಿಂದ ಅಥವಾ ರೈತ ಬಾಂಧವರಿಂದ ಆಕ್ಷೇಪಣೆ ಇದ್ದಲ್ಲಿ ಈ ಸಾರ್ವಜನಿಕ ಪ್ರಕಟಣೆ ಹೊರಡಿಸಿದ 15 ದಿನದೊಳಗೆ ಪಟ್ಟಣ ಪಂಚಾಯತ ಕಾರ್ಯಾಲಯಕ್ಕೆ ಕಛೇರಿ ವೇಳೆಯಲ್ಲಿ ಬಂದು ಲಿಖಿತವಾಗಿ ಸಲ್ಲಿಸಬೇಕು. ಇಲ್ಲವಾದಲ್ಲಿ ಯಾವುದೇ ಆಕ್ಷೇಪಣೆ ಇಲ್ಲವೆಂದು ಭಾವಿಸಿ ಕಾಮಗಾರಿಯನ್ನು ಪ್ರಾರಂಭ ಮಾಡಲಾಗುವುದು ಎಂದು ಕುಕನೂರು ಪಟ್ಟಣ ಪಂಚಾಯತಿ ಅಧ್ಯಕ್ಷರು ಹಾಗೂ ಮುಖ್ಯಾಧಿಕಾರಿಗಳು ಜಂಟಿ ಪ್ರಕಟಣೆಯಲ್ಲಿ ತಿಳಿಸಿದ್ದಾರೆ.
'HOSASHAKE' Kannada Daily Owner, Publisher, Printede by Moulasab Buldiyar Printed at Hosashake Printers, No.225/145, 14th Ward, Minakshi Nagar, YELBURGA-583236, Dist: Koppal, Karnataka, Vol.No.14, Issue No.273, Pages-4, Date : 23/02/2024
Printed At: HOSASHAKE PRINTERS NO.225/145. 14th Ward, Minakshi Nagar, YELBURGA-583236, Dist: Koppal, Karnataka hosashakepress@gmail.com, Mob:944826875
